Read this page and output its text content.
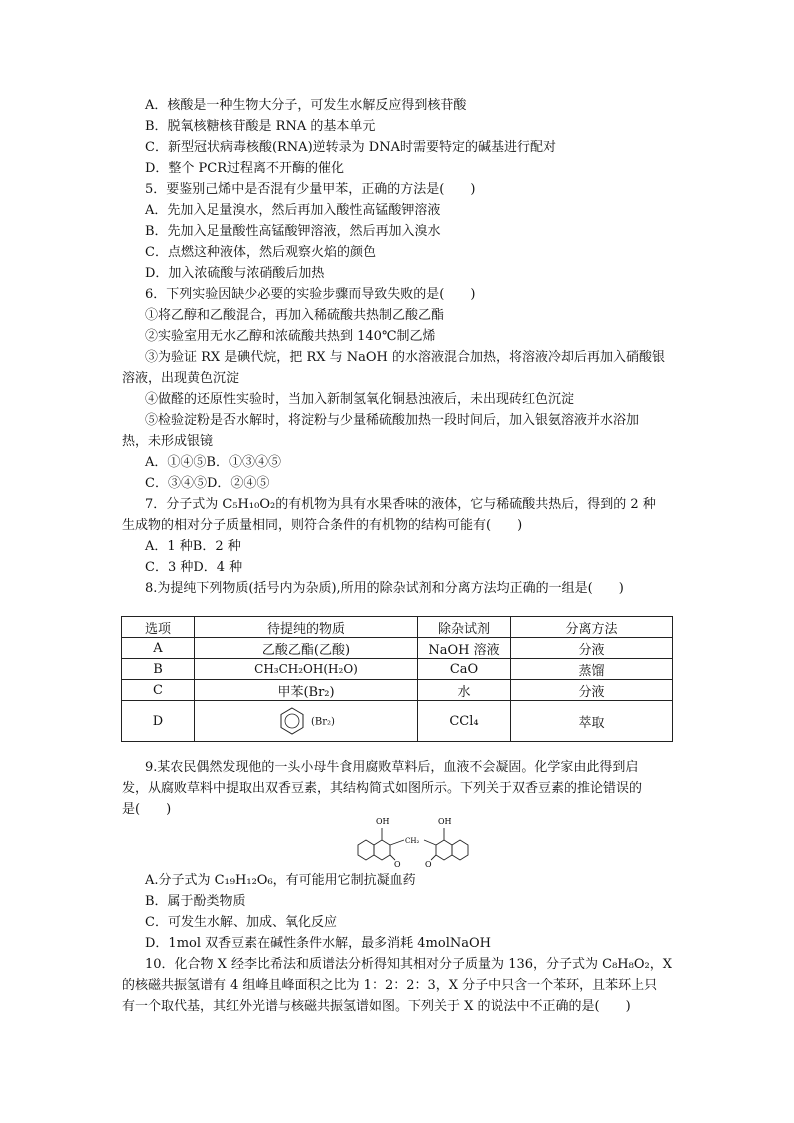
A．核酸是一种生物大分子，可发生水解反应得到核苷酸
B．脱氧核糖核苷酸是 RNA 的基本单元
C．新型冠状病毒核酸(RNA)逆转录为 DNA时需要特定的碱基进行配对
D．整个 PCR过程离不开酶的催化
5．要鉴别己烯中是否混有少量甲苯，正确的方法是(　　)
A．先加入足量溴水，然后再加入酸性高锰酸钾溶液
B．先加入足量酸性高锰酸钾溶液，然后再加入溴水
C．点燃这种液体，然后观察火焰的颜色
D．加入浓硫酸与浓硝酸后加热
6．下列实验因缺少必要的实验步骤而导致失败的是(　　)
①将乙醇和乙酸混合，再加入稀硫酸共热制乙酸乙酯
②实验室用无水乙醇和浓硫酸共热到 140℃制乙烯
③为验证 RX 是碘代烷，把 RX 与 NaOH 的水溶液混合加热，将溶液冷却后再加入硝酸银
溶液，出现黄色沉淀
④做醛的还原性实验时，当加入新制氢氧化铜悬浊液后，未出现砖红色沉淀
⑤检验淀粉是否水解时，将淀粉与少量稀硫酸加热一段时间后，加入银氨溶液并水浴加
热，未形成银镜
A．①④⑤B．①③④⑤
C．③④⑤D．②④⑤
7．分子式为 C₅H₁₀O₂的有机物为具有水果香味的液体，它与稀硫酸共热后，得到的 2 种
生成物的相对分子质量相同，则符合条件的有机物的结构可能有(　　)
A．1 种B．2 种
C．3 种D．4 种
8.为提纯下列物质(括号内为杂质),所用的除杂试剂和分离方法均正确的一组是(　　)
选项	待提纯的物质	除杂试剂	分离方法
A	乙酸乙酯(乙酸)	NaOH 溶液	分液
B	CH₃CH₂OH(H₂O)	CaO	蒸馏
C	甲苯(Br₂)	水	分液
D	(Br₂)	CCl₄	萃取
9.某农民偶然发现他的一头小母牛食用腐败草料后，血液不会凝固。化学家由此得到启
发，从腐败草料中提取出双香豆素，其结构简式如图所示。下列关于双香豆素的推论错误的
是(　　)
OH	OH
CH₂
O	O
A.分子式为 C₁₉H₁₂O₆，有可能用它制抗凝血药
B．属于酚类物质
C．可发生水解、加成、氧化反应
D．1mol 双香豆素在碱性条件水解，最多消耗 4molNaOH
10．化合物 X 经李比希法和质谱法分析得知其相对分子质量为 136，分子式为 C₈H₈O₂，X
的核磁共振氢谱有 4 组峰且峰面积之比为 1：2：2：3，X 分子中只含一个苯环，且苯环上只
有一个取代基，其红外光谱与核磁共振氢谱如图。下列关于 X 的说法中不正确的是(　　)
